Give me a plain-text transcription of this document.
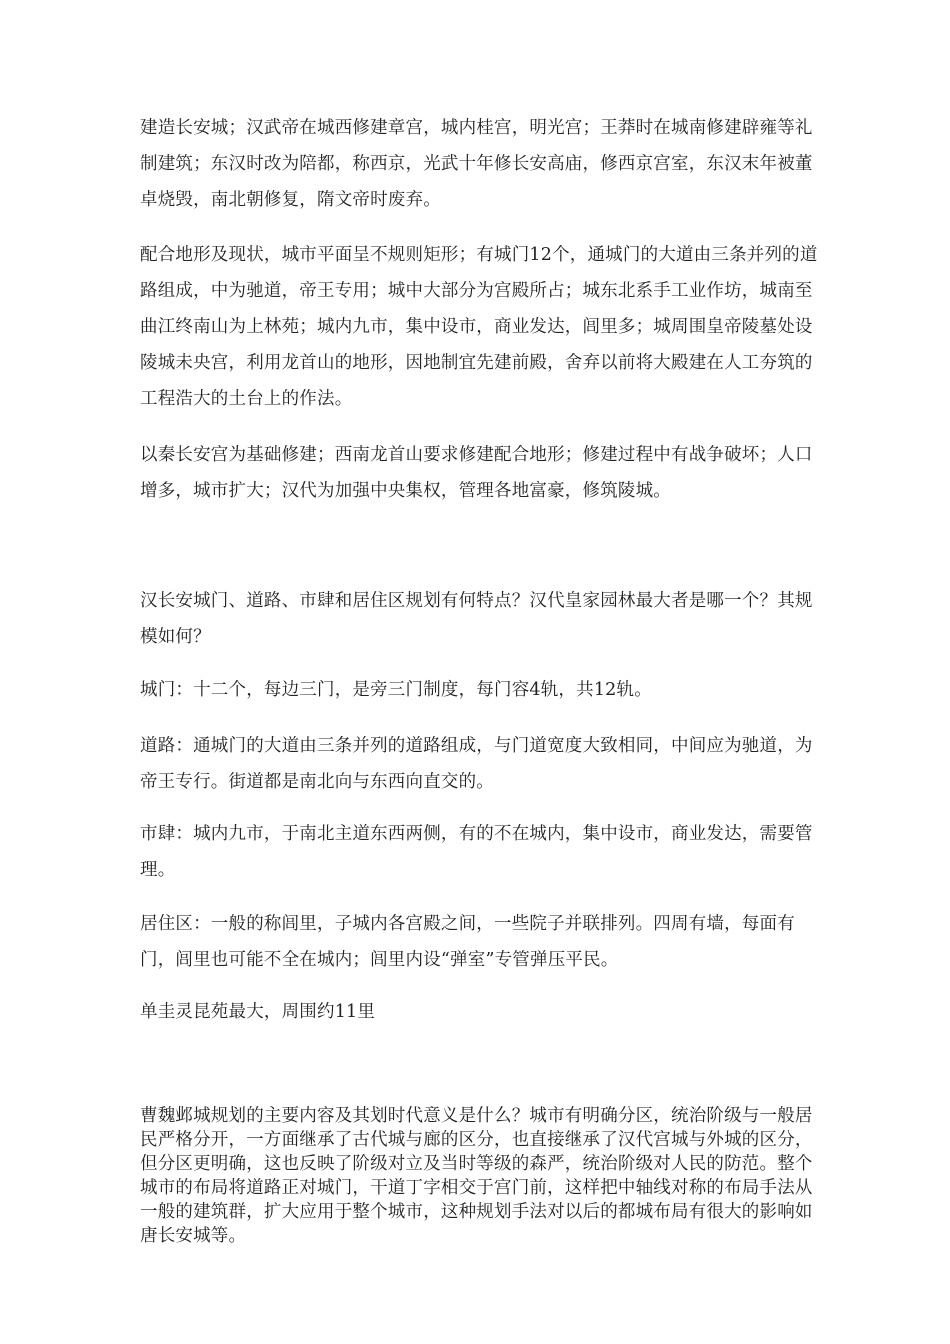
建造长安城；汉武帝在城西修建章宫，城内桂宫，明光宫；王莽时在城南修建辟雍等礼制建筑；东汉时改为陪都，称西京，光武十年修长安高庙，修西京宫室，东汉末年被董卓烧毁，南北朝修复，隋文帝时废弃。

配合地形及现状，城市平面呈不规则矩形；有城门12个，通城门的大道由三条并列的道路组成，中为驰道，帝王专用；城中大部分为宫殿所占；城东北系手工业作坊，城南至曲江终南山为上林苑；城内九市，集中设市，商业发达，闾里多；城周围皇帝陵墓处设陵城未央宫，利用龙首山的地形，因地制宜先建前殿，舍弃以前将大殿建在人工夯筑的工程浩大的土台上的作法。

以秦长安宫为基础修建；西南龙首山要求修建配合地形；修建过程中有战争破坏；人口增多，城市扩大；汉代为加强中央集权，管理各地富豪，修筑陵城。

汉长安城门、道路、市肆和居住区规划有何特点？汉代皇家园林最大者是哪一个？其规模如何？

城门：十二个，每边三门，是旁三门制度，每门容4轨，共12轨。

道路：通城门的大道由三条并列的道路组成，与门道宽度大致相同，中间应为驰道，为帝王专行。街道都是南北向与东西向直交的。

市肆：城内九市，于南北主道东西两侧，有的不在城内，集中设市，商业发达，需要管理。

居住区：一般的称闾里，子城内各宫殿之间，一些院子并联排列。四周有墙，每面有门，闾里也可能不全在城内；闾里内设“弹室”专管弹压平民。

单圭灵昆苑最大，周围约11里

曹魏邺城规划的主要内容及其划时代意义是什么？城市有明确分区，统治阶级与一般居民严格分开，一方面继承了古代城与廊的区分，也直接继承了汉代宫城与外城的区分，但分区更明确，这也反映了阶级对立及当时等级的森严，统治阶级对人民的防范。整个城市的布局将道路正对城门，干道丁字相交于宫门前，这样把中轴线对称的布局手法从一般的建筑群，扩大应用于整个城市，这种规划手法对以后的都城布局有很大的影响如唐长安城等。
